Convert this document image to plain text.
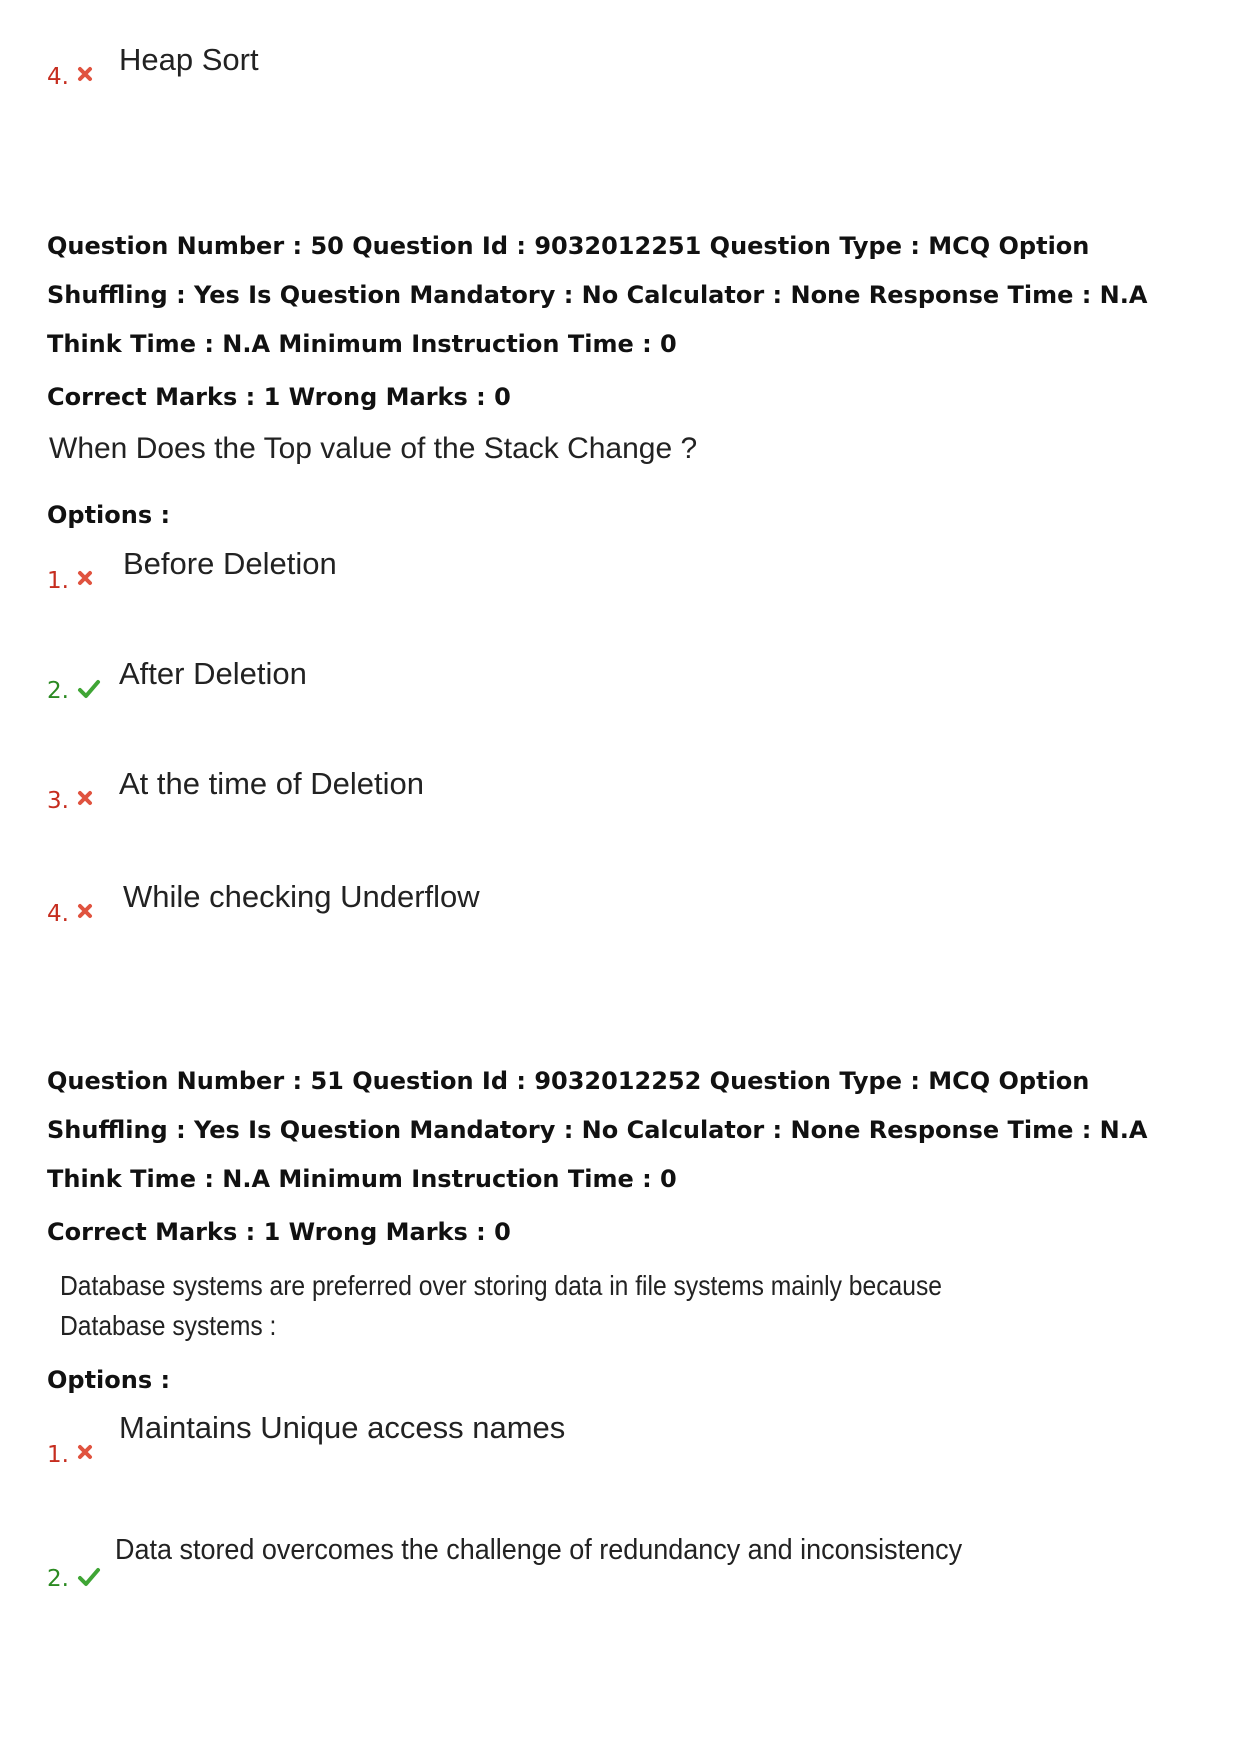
4. Heap Sort
Question Number : 50 Question Id : 9032012251 Question Type : MCQ Option Shuffling : Yes Is Question Mandatory : No Calculator : None Response Time : N.A Think Time : N.A Minimum Instruction Time : 0
Correct Marks : 1 Wrong Marks : 0
When Does the Top value of the Stack Change ?
Options :
1. Before Deletion
2. After Deletion
3. At the time of Deletion
4. While checking Underflow
Question Number : 51 Question Id : 9032012252 Question Type : MCQ Option Shuffling : Yes Is Question Mandatory : No Calculator : None Response Time : N.A Think Time : N.A Minimum Instruction Time : 0
Correct Marks : 1 Wrong Marks : 0
Database systems are preferred over storing data in file systems mainly because
Database systems :
Options :
1.
Maintains Unique access names
2.
Data stored overcomes the challenge of redundancy and inconsistency
